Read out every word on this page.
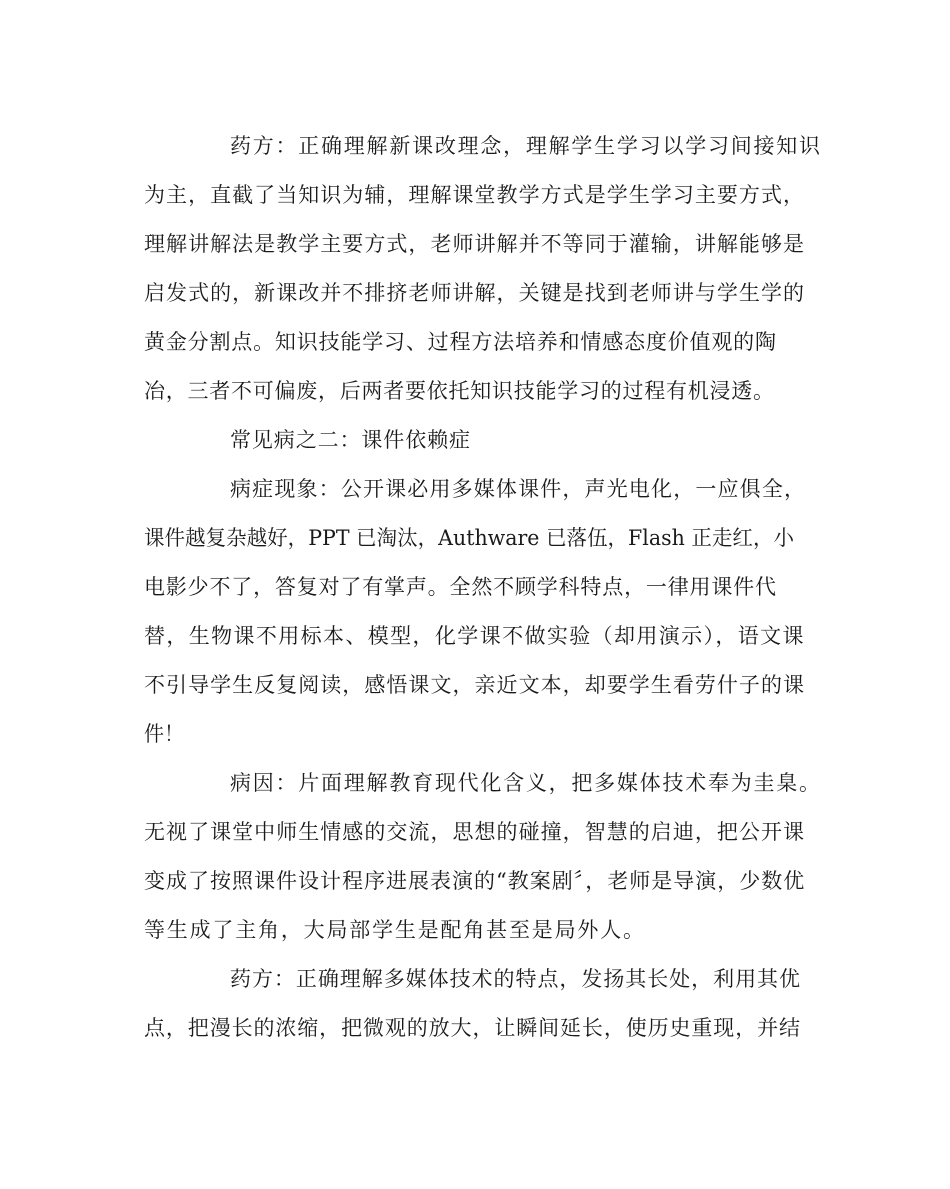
药方：正确理解新课改理念，理解学生学习以学习间接知识
为主，直截了当知识为辅，理解课堂教学方式是学生学习主要方式，
理解讲解法是教学主要方式，老师讲解并不等同于灌输，讲解能够是
启发式的，新课改并不排挤老师讲解，关键是找到老师讲与学生学的
黄金分割点。知识技能学习、过程方法培养和情感态度价值观的陶
冶，三者不可偏废，后两者要依托知识技能学习的过程有机浸透。
常见病之二：课件依赖症
病症现象：公开课必用多媒体课件，声光电化，一应俱全，
课件越复杂越好，PPT 已淘汰，Authware 已落伍，Flash 正走红，小
电影少不了，答复对了有掌声。全然不顾学科特点，一律用课件代
替，生物课不用标本、模型，化学课不做实验（却用演示），语文课
不引导学生反复阅读，感悟课文，亲近文本，却要学生看劳什子的课
件！
病因：片面理解教育现代化含义，把多媒体技术奉为圭臬。
无视了课堂中师生情感的交流，思想的碰撞，智慧的启迪，把公开课
变成了按照课件设计程序进展表演的“教案剧〞，老师是导演，少数优
等生成了主角，大局部学生是配角甚至是局外人。
药方：正确理解多媒体技术的特点，发扬其长处，利用其优
点，把漫长的浓缩，把微观的放大，让瞬间延长，使历史重现，并结
